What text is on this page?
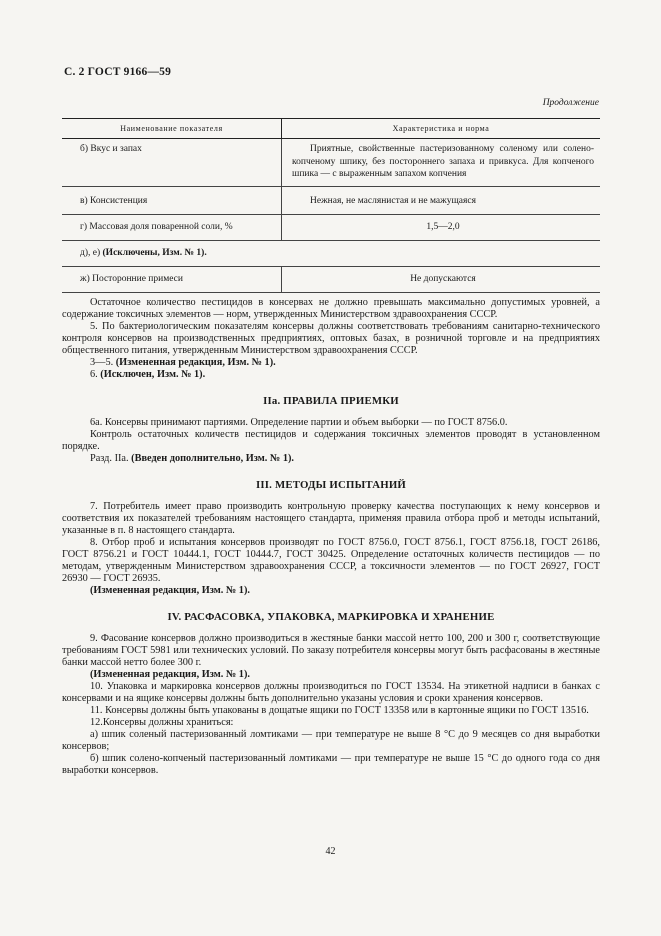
С. 2 ГОСТ 9166—59
Продолжение
Наименование показателя	Характеристика и норма
б) Вкус и запах	Приятные, свойственные пастеризованному соленому или солено-копченому шпику, без постороннего запаха и привкуса. Для копченого шпика — с выраженным запахом копчения
в) Консистенция	Нежная, не маслянистая и не мажущаяся
г) Массовая доля поваренной соли, %	1,5—2,0
д), е) (Исключены, Изм. № 1).	
ж) Посторонние примеси	Не допускаются

Остаточное количество пестицидов в консервах не должно превышать максимально допустимых уровней, а содержание токсичных элементов — норм, утвержденных Министерством здравоохранения СССР.

5. По бактериологическим показателям консервы должны соответствовать требованиям санитарно-технического контроля консервов на производственных предприятиях, оптовых базах, в розничной торговле и на предприятиях общественного питания, утвержденным Министерством здравоохранения СССР.

3—5. (Измененная редакция, Изм. № 1).

6. (Исключен, Изм. № 1).

IIa. ПРАВИЛА ПРИЕМКИ

6а. Консервы принимают партиями. Определение партии и объем выборки — по ГОСТ 8756.0.

Контроль остаточных количеств пестицидов и содержания токсичных элементов проводят в установленном порядке.

Разд. IIa. (Введен дополнительно, Изм. № 1).

III. МЕТОДЫ ИСПЫТАНИЙ

7. Потребитель имеет право производить контрольную проверку качества поступающих к нему консервов и соответствия их показателей требованиям настоящего стандарта, применяя правила отбора проб и методы испытаний, указанные в п. 8 настоящего стандарта.

8. Отбор проб и испытания консервов производят по ГОСТ 8756.0, ГОСТ 8756.1, ГОСТ 8756.18, ГОСТ 26186, ГОСТ 8756.21 и ГОСТ 10444.1, ГОСТ 10444.7, ГОСТ 30425. Определение остаточных количеств пестицидов — по методам, утвержденным Министерством здравоохранения СССР, а токсичности элементов — по ГОСТ 26927, ГОСТ 26930 — ГОСТ 26935.

(Измененная редакция, Изм. № 1).

IV. РАСФАСОВКА, УПАКОВКА, МАРКИРОВКА И ХРАНЕНИЕ

9. Фасование консервов должно производиться в жестяные банки массой нетто 100, 200 и 300 г, соответствующие требованиям ГОСТ 5981 или технических условий. По заказу потребителя консервы могут быть расфасованы в жестяные банки массой нетто более 300 г.

(Измененная редакция, Изм. № 1).

10. Упаковка и маркировка консервов должны производиться по ГОСТ 13534. На этикетной надписи в банках с консервами и на ящике консервы должны быть дополнительно указаны условия и сроки хранения консервов.

11. Консервы должны быть упакованы в дощатые ящики по ГОСТ 13358 или в картонные ящики по ГОСТ 13516.

12.Консервы должны храниться:

а) шпик соленый пастеризованный ломтиками — при температуре не выше 8 °С до 9 месяцев со дня выработки консервов;

б) шпик солено-копченый пастеризованный ломтиками — при температуре не выше 15 °С до одного года со дня выработки консервов.

42
